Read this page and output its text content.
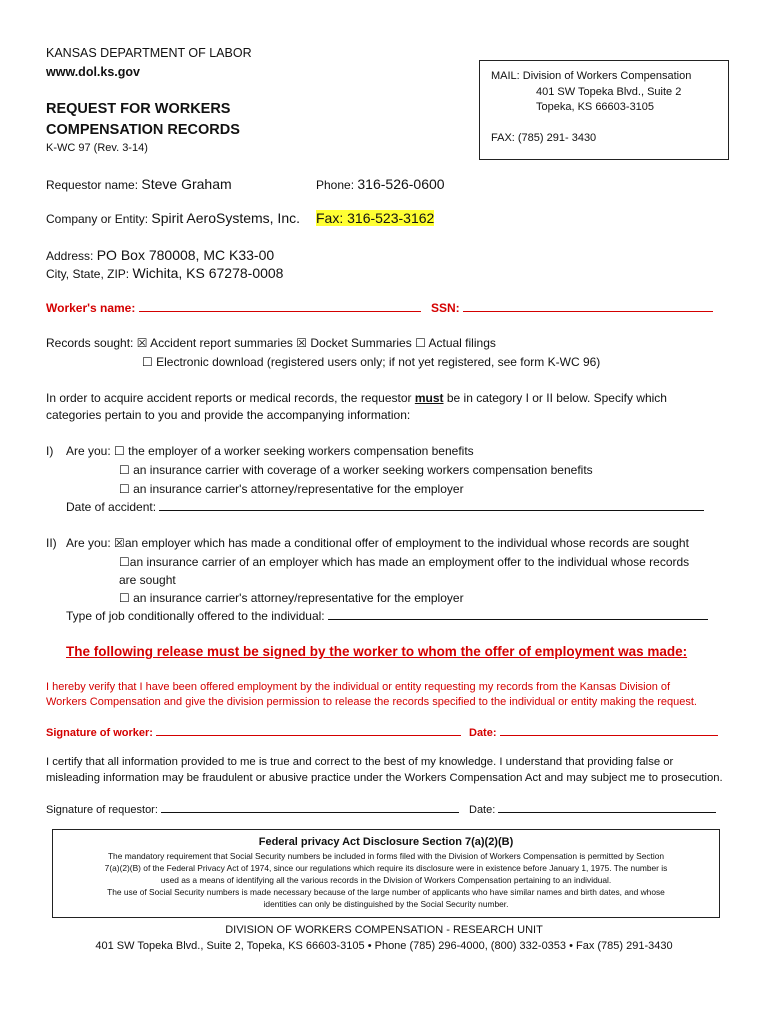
KANSAS DEPARTMENT OF LABOR
www.dol.ks.gov
REQUEST FOR WORKERS
COMPENSATION RECORDS
K-WC 97 (Rev. 3-14)
MAIL: Division of Workers Compensation
401 SW Topeka Blvd., Suite 2
Topeka, KS 66603-3105
FAX: (785) 291- 3430
Requestor name: Steve Graham	Phone: 316-526-0600
Company or Entity: Spirit AeroSystems, Inc. Fax: 316-523-3162
Address: PO Box 780008, MC K33-00
City, State, ZIP: Wichita, KS 67278-0008
Worker's name:	SSN:
Records sought: ☒ Accident report summaries ☒ Docket Summaries ☐ Actual filings
☐ Electronic download (registered users only; if not yet registered, see form K-WC 96)
In order to acquire accident reports or medical records, the requestor must be in category I or II below. Specify which
categories pertain to you and provide the accompanying information:
I) Are you: ☐ the employer of a worker seeking workers compensation benefits
☐ an insurance carrier with coverage of a worker seeking workers compensation benefits
☐ an insurance carrier's attorney/representative for the employer
Date of accident:
II) Are you: ☒an employer which has made a conditional offer of employment to the individual whose records are sought
☐an insurance carrier of an employer which has made an employment offer to the individual whose records
are sought
☐ an insurance carrier's attorney/representative for the employer
Type of job conditionally offered to the individual:
The following release must be signed by the worker to whom the offer of employment was made:
I hereby verify that I have been offered employment by the individual or entity requesting my records from the Kansas Division of
Workers Compensation and give the division permission to release the records specified to the individual or entity making the request.
Signature of worker:	Date:
I certify that all information provided to me is true and correct to the best of my knowledge. I understand that providing false or
misleading information may be fraudulent or abusive practice under the Workers Compensation Act and may subject me to prosecution.
Signature of requestor:	Date:
Federal privacy Act Disclosure Section 7(a)(2)(B)
The mandatory requirement that Social Security numbers be included in forms filed with the Division of Workers Compensation is permitted by Section
7(a)(2)(B) of the Federal Privacy Act of 1974, since our regulations which require its disclosure were in existence before January 1, 1975. The number is
used as a means of identifying all the various records in the Division of Workers Compensation pertaining to an individual.
The use of Social Security numbers is made necessary because of the large number of applicants who have similar names and birth dates, and whose
identities can only be distinguished by the Social Security number.
DIVISION OF WORKERS COMPENSATION - RESEARCH UNIT
401 SW Topeka Blvd., Suite 2, Topeka, KS 66603-3105 • Phone (785) 296-4000, (800) 332-0353 • Fax (785) 291-3430
